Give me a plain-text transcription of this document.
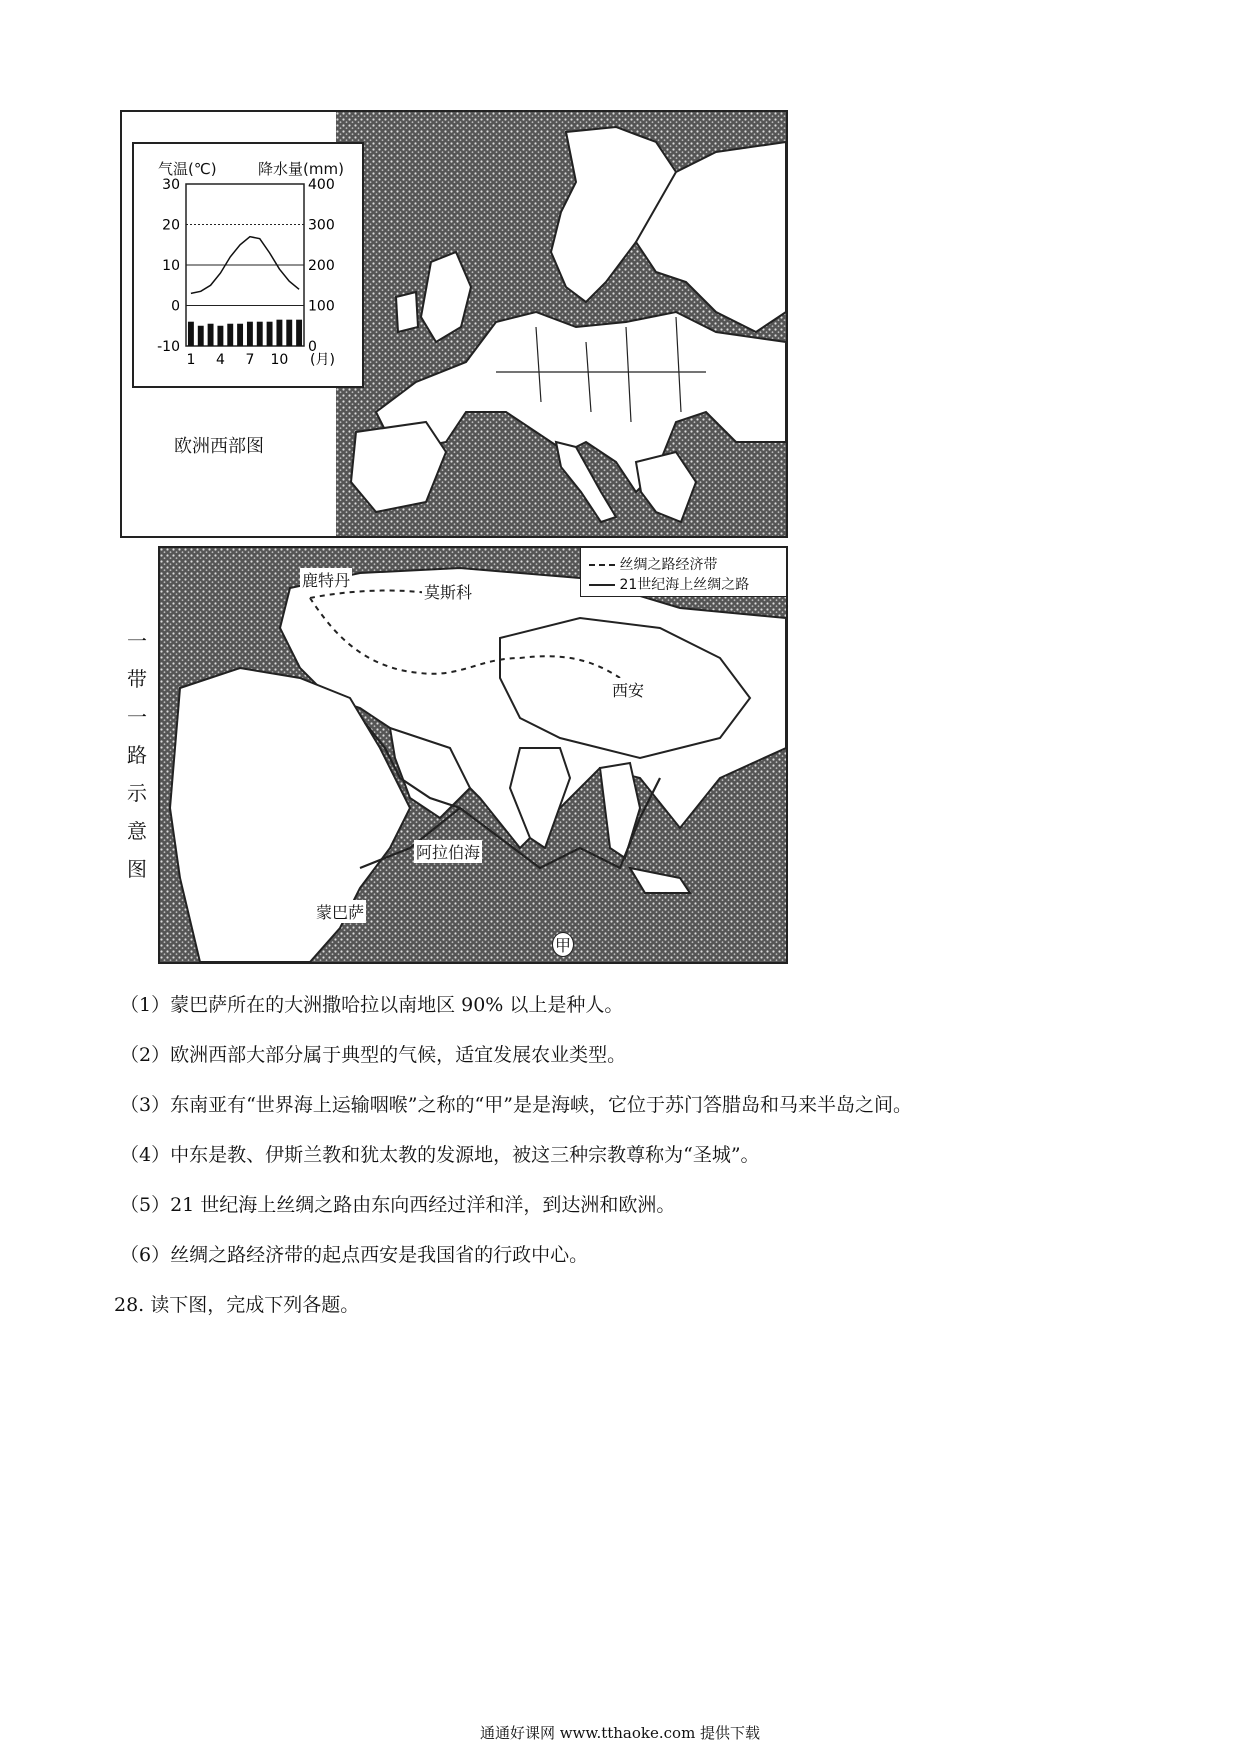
气温(℃)	降水量(mm)
30	400
20	300
10	200
0	100
-10	0
1 4 7 10 (月)
欧洲西部图
一
带
一
路
示
意
图
丝绸之路经济带
21世纪海上丝绸之路
鹿特丹
莫斯科
西安
阿拉伯海
蒙巴萨
甲
（1）蒙巴萨所在的大洲撒哈拉以南地区 90% 以上是种人。
（2）欧洲西部大部分属于典型的气候，适宜发展农业类型。
（3）东南亚有“世界海上运输咽喉”之称的“甲”是是海峡，它位于苏门答腊岛和马来半岛之间。
（4）中东是教、伊斯兰教和犹太教的发源地，被这三种宗教尊称为“圣城”。
（5）21 世纪海上丝绸之路由东向西经过洋和洋，到达洲和欧洲。
（6）丝绸之路经济带的起点西安是我国省的行政中心。
28. 读下图，完成下列各题。
通通好课网 www.tthaoke.com 提供下载
